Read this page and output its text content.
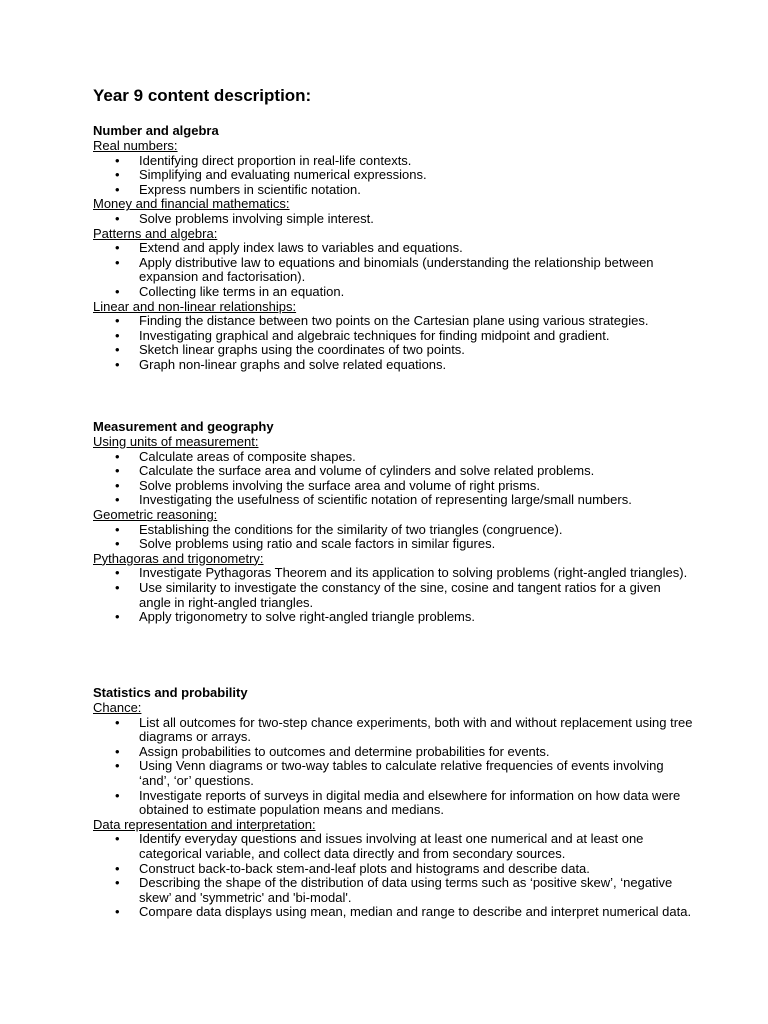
Year 9 content description:
Number and algebra
Real numbers:
• Identifying direct proportion in real-life contexts.
• Simplifying and evaluating numerical expressions.
• Express numbers in scientific notation.
Money and financial mathematics:
• Solve problems involving simple interest.
Patterns and algebra:
• Extend and apply index laws to variables and equations.
• Apply distributive law to equations and binomials (understanding the relationship between expansion and factorisation).
• Collecting like terms in an equation.
Linear and non-linear relationships:
• Finding the distance between two points on the Cartesian plane using various strategies.
• Investigating graphical and algebraic techniques for finding midpoint and gradient.
• Sketch linear graphs using the coordinates of two points.
• Graph non-linear graphs and solve related equations.
Measurement and geography
Using units of measurement:
• Calculate areas of composite shapes.
• Calculate the surface area and volume of cylinders and solve related problems.
• Solve problems involving the surface area and volume of right prisms.
• Investigating the usefulness of scientific notation of representing large/small numbers.
Geometric reasoning:
• Establishing the conditions for the similarity of two triangles (congruence).
• Solve problems using ratio and scale factors in similar figures.
Pythagoras and trigonometry:
• Investigate Pythagoras Theorem and its application to solving problems (right-angled triangles).
• Use similarity to investigate the constancy of the sine, cosine and tangent ratios for a given angle in right-angled triangles.
• Apply trigonometry to solve right-angled triangle problems.
Statistics and probability
Chance:
• List all outcomes for two-step chance experiments, both with and without replacement using tree diagrams or arrays.
• Assign probabilities to outcomes and determine probabilities for events.
• Using Venn diagrams or two-way tables to calculate relative frequencies of events involving ‘and’, ‘or’ questions.
• Investigate reports of surveys in digital media and elsewhere for information on how data were obtained to estimate population means and medians.
Data representation and interpretation:
• Identify everyday questions and issues involving at least one numerical and at least one categorical variable, and collect data directly and from secondary sources.
• Construct back-to-back stem-and-leaf plots and histograms and describe data.
• Describing the shape of the distribution of data using terms such as ‘positive skew’, ‘negative skew’ and 'symmetric' and 'bi-modal'.
• Compare data displays using mean, median and range to describe and interpret numerical data.
